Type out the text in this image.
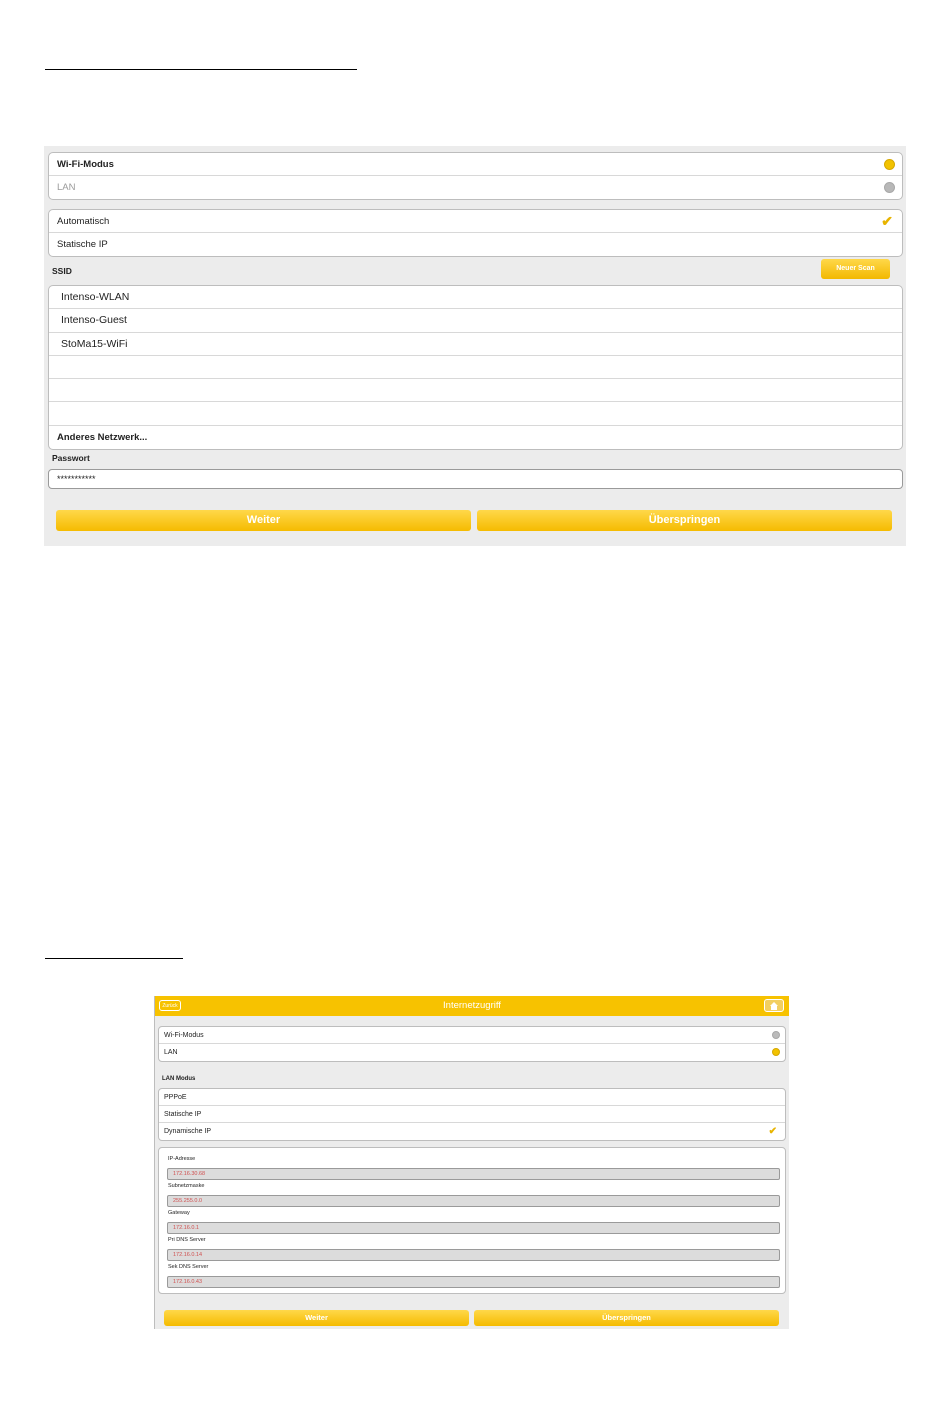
Wi-Fi-Modus
LAN
Automatisch	✔
Statische IP
SSID	Neuer Scan
Intenso-WLAN
Intenso-Guest
StoMa15-WiFi
Anderes Netzwerk...
Passwort
***********
Weiter	Überspringen
Internetzugriff
Zurück
Wi-Fi-Modus
LAN
LAN Modus
PPPoE
Statische IP
Dynamische IP	✔
IP-Adresse
172.16.30.68
Subnetzmaske
255.255.0.0
Gateway
172.16.0.1
Pri DNS Server
172.16.0.14
Sek DNS Server
172.16.0.43
Weiter	Überspringen
